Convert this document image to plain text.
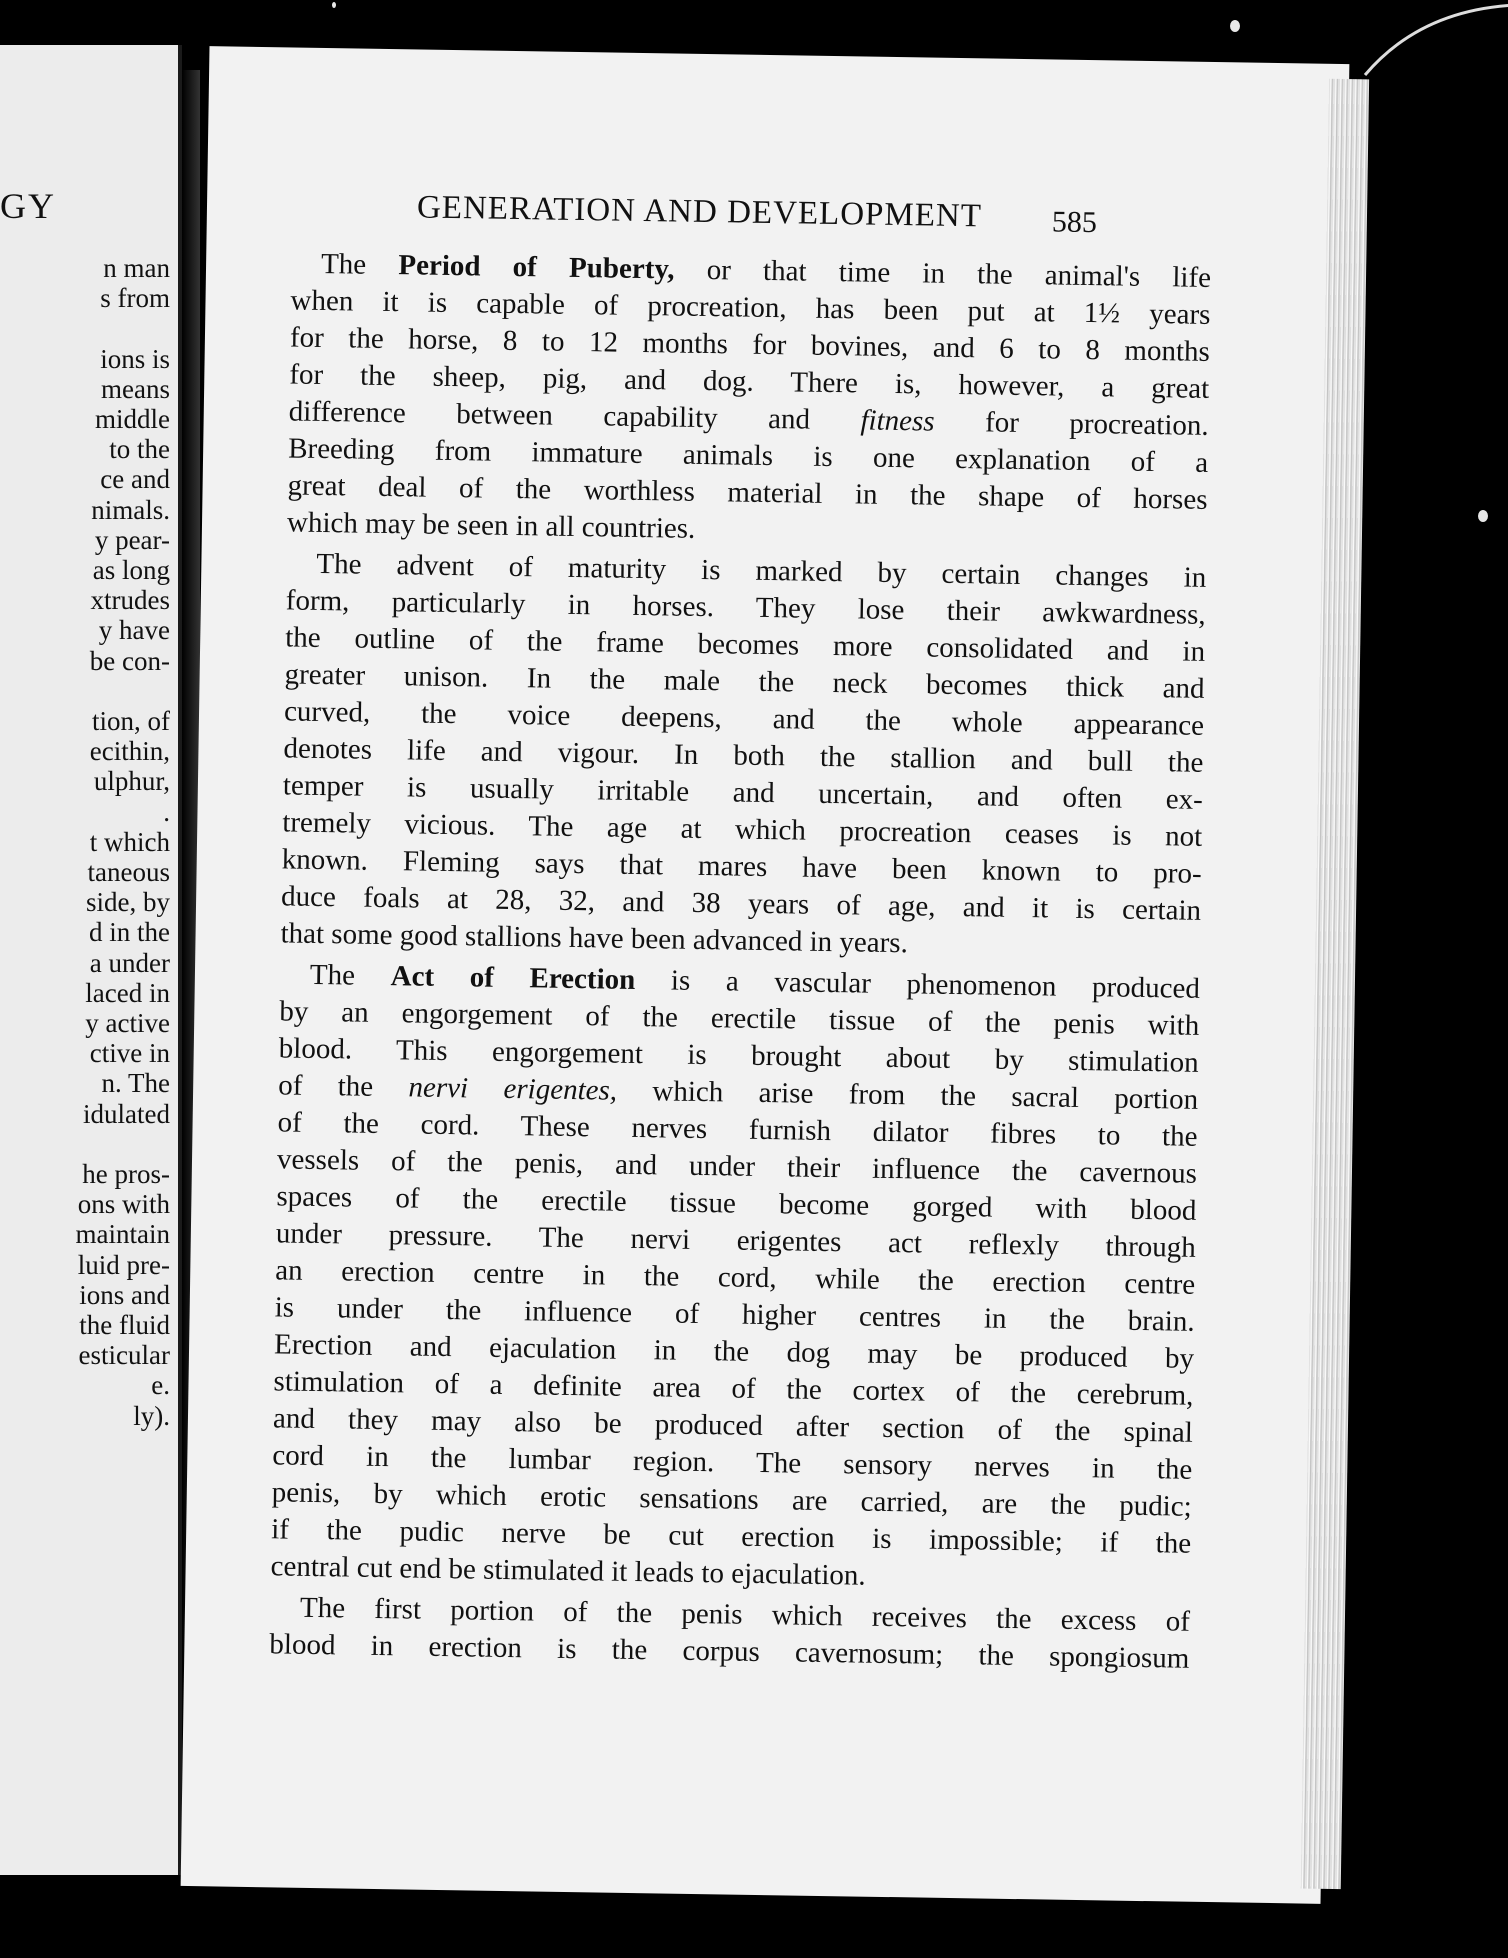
GY
n man
s from
ions is
means
middle
to the
ce and
nimals.
y pear-
as long
xtrudes
y have
be con-
tion, of
ecithin,
ulphur,
.
t which
taneous
side, by
d in the
a under
laced in
y active
ctive in
n. The
idulated
he pros-
ons with
maintain
luid pre-
ions and
the fluid
esticular
e.
ly).
GENERATION AND DEVELOPMENT 585
The Period of Puberty, or that time in the animal's life
when it is capable of procreation, has been put at 1½ years
for the horse, 8 to 12 months for bovines, and 6 to 8 months
for the sheep, pig, and dog. There is, however, a great
difference between capability and fitness for procreation.
Breeding from immature animals is one explanation of a
great deal of the worthless material in the shape of horses
which may be seen in all countries.
The advent of maturity is marked by certain changes in
form, particularly in horses. They lose their awkwardness,
the outline of the frame becomes more consolidated and in
greater unison. In the male the neck becomes thick and
curved, the voice deepens, and the whole appearance
denotes life and vigour. In both the stallion and bull the
temper is usually irritable and uncertain, and often ex-
tremely vicious. The age at which procreation ceases is not
known. Fleming says that mares have been known to pro-
duce foals at 28, 32, and 38 years of age, and it is certain
that some good stallions have been advanced in years.
The Act of Erection is a vascular phenomenon produced
by an engorgement of the erectile tissue of the penis with
blood. This engorgement is brought about by stimulation
of the nervi erigentes, which arise from the sacral portion
of the cord. These nerves furnish dilator fibres to the
vessels of the penis, and under their influence the cavernous
spaces of the erectile tissue become gorged with blood
under pressure. The nervi erigentes act reflexly through
an erection centre in the cord, while the erection centre
is under the influence of higher centres in the brain.
Erection and ejaculation in the dog may be produced by
stimulation of a definite area of the cortex of the cerebrum,
and they may also be produced after section of the spinal
cord in the lumbar region. The sensory nerves in the
penis, by which erotic sensations are carried, are the pudic;
if the pudic nerve be cut erection is impossible; if the
central cut end be stimulated it leads to ejaculation.
The first portion of the penis which receives the excess of
blood in erection is the corpus cavernosum; the spongiosum
